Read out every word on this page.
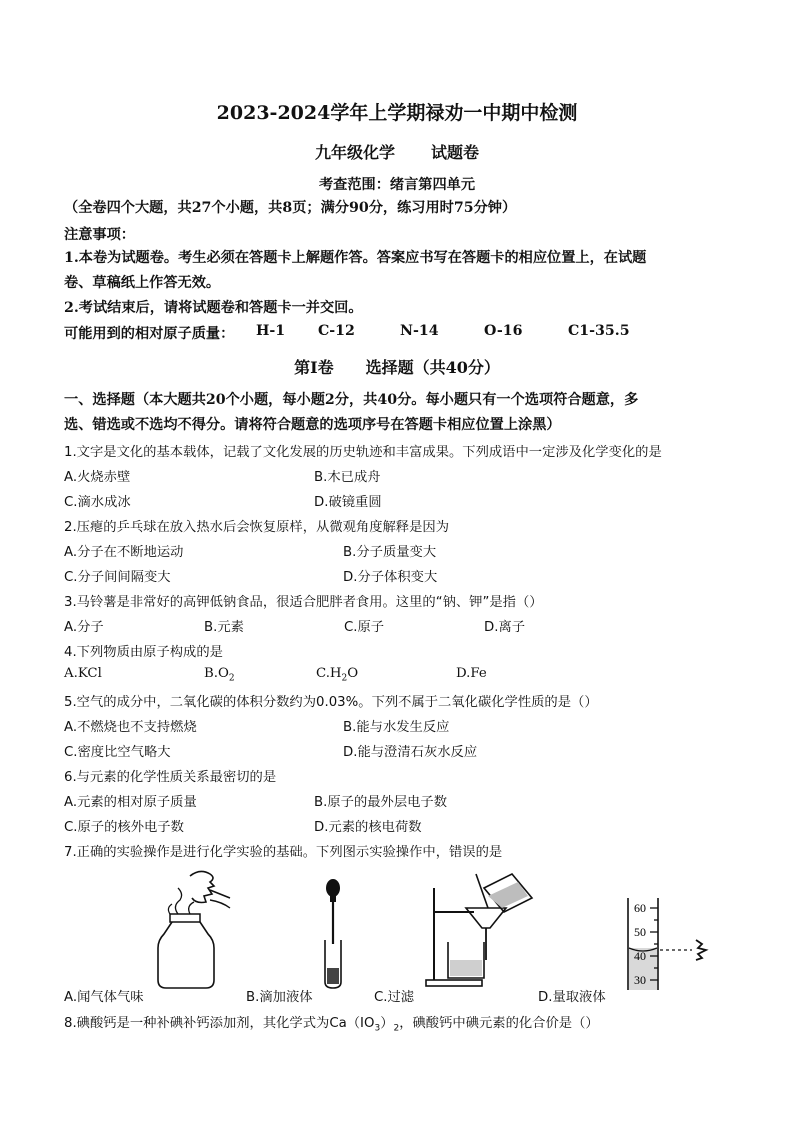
2023-2024学年上学期禄劝一中期中检测
九年级化学 试题卷
考查范围：绪言第四单元
（全卷四个大题，共27个小题，共8页；满分90分，练习用时75分钟）
注意事项：
1.本卷为试题卷。考生必须在答题卡上解题作答。答案应书写在答题卡的相应位置上，在试题
卷、草稿纸上作答无效。
2.考试结束后，请将试题卷和答题卡一并交回。
可能用到的相对原子质量： H-1 C-12	N-14	O-16	C1-35.5
第Ⅰ卷　　选择题（共40分）
一、选择题（本大题共20个小题，每小题2分，共40分。每小题只有一个选项符合题意，多
选、错选或不选均不得分。请将符合题意的选项序号在答题卡相应位置上涂黑）
1.文字是文化的基本载体，记载了文化发展的历史轨迹和丰富成果。下列成语中一定涉及化学变化的是
A.火烧赤壁	B.木已成舟
C.滴水成冰	D.破镜重圆
2.压瘪的乒乓球在放入热水后会恢复原样，从微观角度解释是因为
A.分子在不断地运动	B.分子质量变大
C.分子间间隔变大	D.分子体积变大
3.马铃薯是非常好的高钾低钠食品，很适合肥胖者食用。这里的“钠、钾”是指（）
A.分子	B.元素	C.原子	D.离子
4.下列物质由原子构成的是
A.KCl	$B.O_2$	$C.H_2O$	D.Fe
5.空气的成分中，二氧化碳的体积分数约为0.03%。下列不属于二氧化碳化学性质的是（）
A.不燃烧也不支持燃烧	B.能与水发生反应
C.密度比空气略大	D.能与澄清石灰水反应
6.与元素的化学性质关系最密切的是
A.元素的相对原子质量	B.原子的最外层电子数
C.原子的核外电子数	D.元素的核电荷数
7.正确的实验操作是进行化学实验的基础。下列图示实验操作中，错误的是
60
50
40
30
A.闻气体气味	B.滴加液体	C.过滤	D.量取液体
8.碘酸钙是一种补碘补钙添加剂，其化学式为$Ca(IO_3)_2$，碘酸钙中碘元素的化合价是（）
